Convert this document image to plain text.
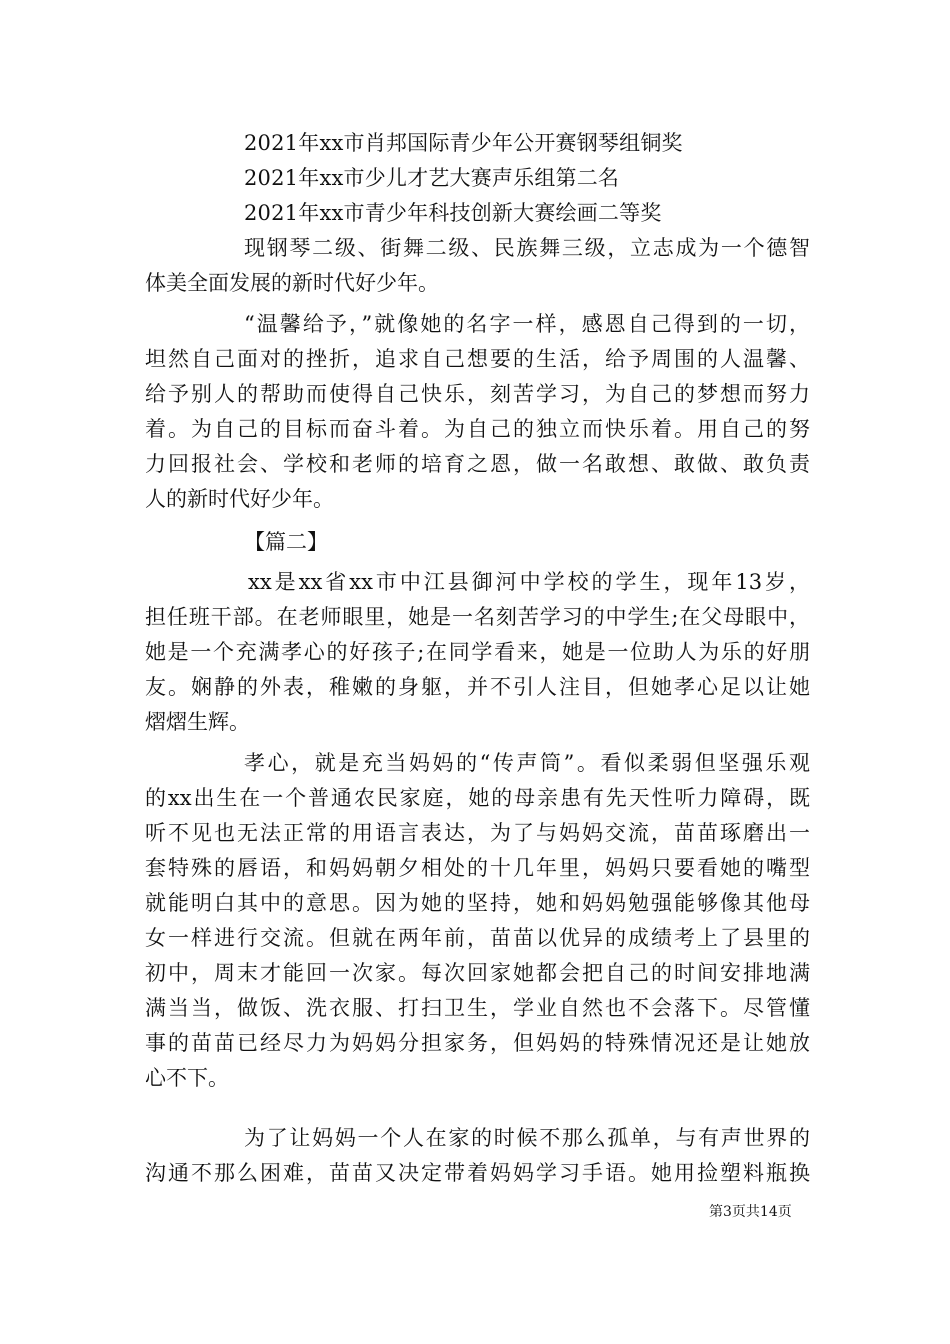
2021年xx市肖邦国际青少年公开赛钢琴组铜奖
2021年xx市少儿才艺大赛声乐组第二名
2021年xx市青少年科技创新大赛绘画二等奖
现钢琴二级、街舞二级、民族舞三级，立志成为一个德智
体美全面发展的新时代好少年。
“温馨给予，”就像她的名字一样，感恩自己得到的一切，
坦然自己面对的挫折，追求自己想要的生活，给予周围的人温馨、
给予别人的帮助而使得自己快乐，刻苦学习，为自己的梦想而努力
着。为自己的目标而奋斗着。为自己的独立而快乐着。用自己的努
力回报社会、学校和老师的培育之恩，做一名敢想、敢做、敢负责
人的新时代好少年。
【篇二】
xx是xx省xx市中江县御河中学校的学生，现年13岁，
担任班干部。在老师眼里，她是一名刻苦学习的中学生;在父母眼中，
她是一个充满孝心的好孩子;在同学看来，她是一位助人为乐的好朋
友。娴静的外表，稚嫩的身躯，并不引人注目，但她孝心足以让她
熠熠生辉。
孝心，就是充当妈妈的“传声筒”。看似柔弱但坚强乐观
的xx出生在一个普通农民家庭，她的母亲患有先天性听力障碍，既
听不见也无法正常的用语言表达，为了与妈妈交流，苗苗琢磨出一
套特殊的唇语，和妈妈朝夕相处的十几年里，妈妈只要看她的嘴型
就能明白其中的意思。因为她的坚持，她和妈妈勉强能够像其他母
女一样进行交流。但就在两年前，苗苗以优异的成绩考上了县里的
初中，周末才能回一次家。每次回家她都会把自己的时间安排地满
满当当，做饭、洗衣服、打扫卫生，学业自然也不会落下。尽管懂
事的苗苗已经尽力为妈妈分担家务，但妈妈的特殊情况还是让她放
心不下。
为了让妈妈一个人在家的时候不那么孤单，与有声世界的
沟通不那么困难，苗苗又决定带着妈妈学习手语。她用捡塑料瓶换
第3页共14页
